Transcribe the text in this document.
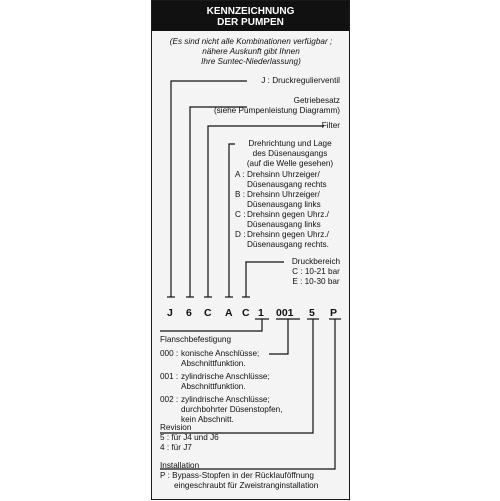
KENNZEICHNUNG
DER PUMPEN
(Es sind nicht alle Kombinationen verfügbar ;
nähere Auskunft gibt Ihnen
Ihre Suntec-Niederlassung)
J : Druckregulierventil
Getriebesatz
(siehe Pumpenleistung Diagramm)
Filter
Drehrichtung und Lage
des Düsenausgangs
(auf die Welle gesehen)
A : Drehsinn Uhrzeiger/
Düsenausgang rechts
B : Drehsinn Uhrzeiger/
Düsenausgang links
C : Drehsinn gegen Uhrz./
Düsenausgang links
D : Drehsinn gegen Uhrz./
Düsenausgang rechts.
Druckbereich
C : 10-21 bar
E : 10-30 bar
J 6 C A C 1 001 5 P
Flanschbefestigung
000 : konische Anschlüsse;
Abschnittfunktion.
001 : zylindrische Anschlüsse;
Abschnittfunktion.
002 : zylindrische Anschlüsse;
durchbohrter Düsenstopfen,
kein Abschnitt.
Revision
5 : für J4 und J6
4 : für J7
Installation
P : Bypass-Stopfen in der Rücklauföffnung
eingeschraubt für Zweistranginstallation
